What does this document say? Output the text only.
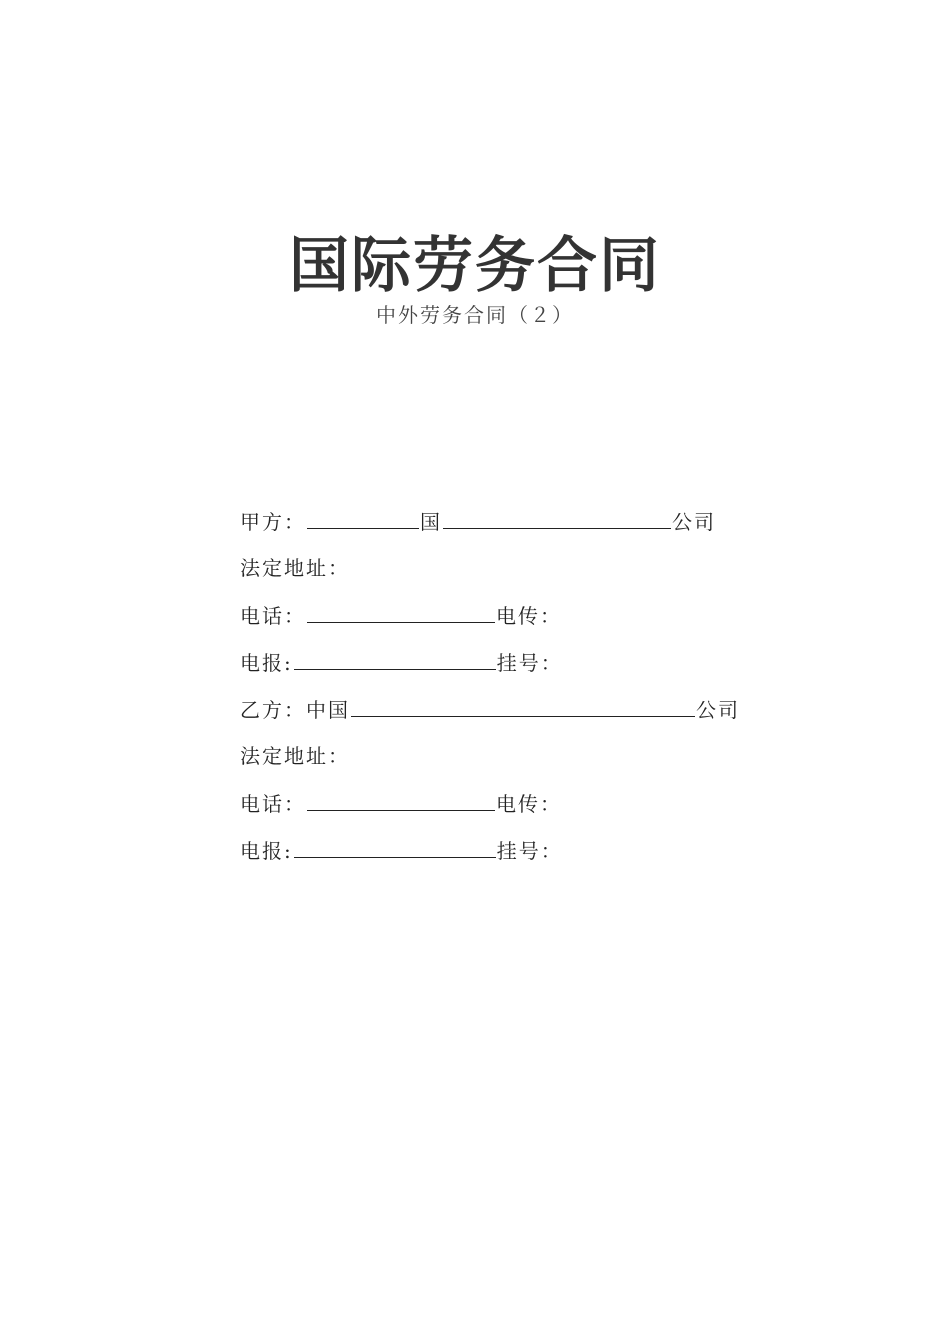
国际劳务合同
中外劳务合同（２）
甲方：	国	公司
法定地址：
电话：	电传：
电报:	挂号：
乙方：中国	公司
法定地址：
电话：	电传：
电报:	挂号：
